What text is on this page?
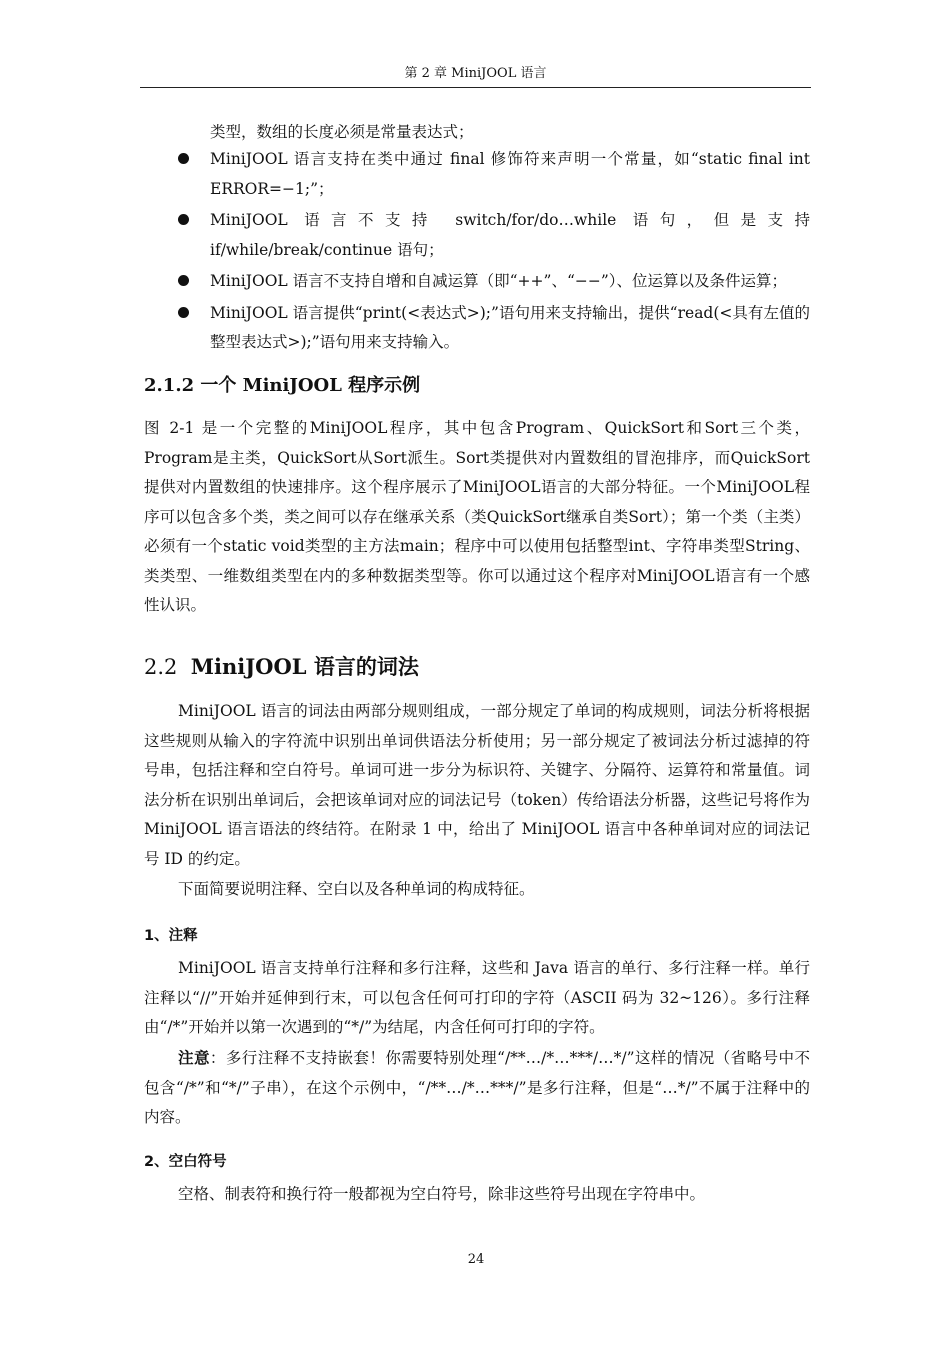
第 2 章 MiniJOOL 语言
类型，数组的长度必须是常量表达式；
MiniJOOL 语言支持在类中通过 final 修饰符来声明一个常量，如“static final int ERROR=−1;”；
MiniJOOL 语言不支持 switch/for/do…while 语句，但是支持 if/while/break/continue 语句；
MiniJOOL 语言不支持自增和自减运算（即“++”、“−−”）、位运算以及条件运算；
MiniJOOL 语言提供“print(<表达式>);”语句用来支持输出，提供“read(<具有左值的整型表达式>);”语句用来支持输入。
2.1.2 一个 MiniJOOL 程序示例

图 2-1 是一个完整的MiniJOOL程序，其中包含Program、QuickSort和Sort三个类，Program是主类，QuickSort从Sort派生。Sort类提供对内置数组的冒泡排序，而QuickSort提供对内置数组的快速排序。这个程序展示了MiniJOOL语言的大部分特征。一个MiniJOOL程序可以包含多个类，类之间可以存在继承关系（类QuickSort继承自类Sort）；第一个类（主类）必须有一个static void类型的主方法main；程序中可以使用包括整型int、字符串类型String、类类型、一维数组类型在内的多种数据类型等。你可以通过这个程序对MiniJOOL语言有一个感性认识。

2.2 MiniJOOL 语言的词法

MiniJOOL 语言的词法由两部分规则组成，一部分规定了单词的构成规则，词法分析将根据这些规则从输入的字符流中识别出单词供语法分析使用；另一部分规定了被词法分析过滤掉的符号串，包括注释和空白符号。单词可进一步分为标识符、关键字、分隔符、运算符和常量值。词法分析在识别出单词后，会把该单词对应的词法记号（token）传给语法分析器，这些记号将作为 MiniJOOL 语言语法的终结符。在附录 1 中，给出了 MiniJOOL 语言中各种单词对应的词法记号 ID 的约定。

下面简要说明注释、空白以及各种单词的构成特征。

1、注释

MiniJOOL 语言支持单行注释和多行注释，这些和 Java 语言的单行、多行注释一样。单行注释以“//”开始并延伸到行末，可以包含任何可打印的字符（ASCII 码为 32~126）。多行注释由“/*”开始并以第一次遇到的“*/”为结尾，内含任何可打印的字符。

注意：多行注释不支持嵌套！你需要特别处理“/**…/*…***/…*/”这样的情况（省略号中不包含“/*”和“*/”子串），在这个示例中，“/**…/*…***/”是多行注释，但是“…*/”不属于注释中的内容。

2、空白符号

空格、制表符和换行符一般都视为空白符号，除非这些符号出现在字符串中。

24
